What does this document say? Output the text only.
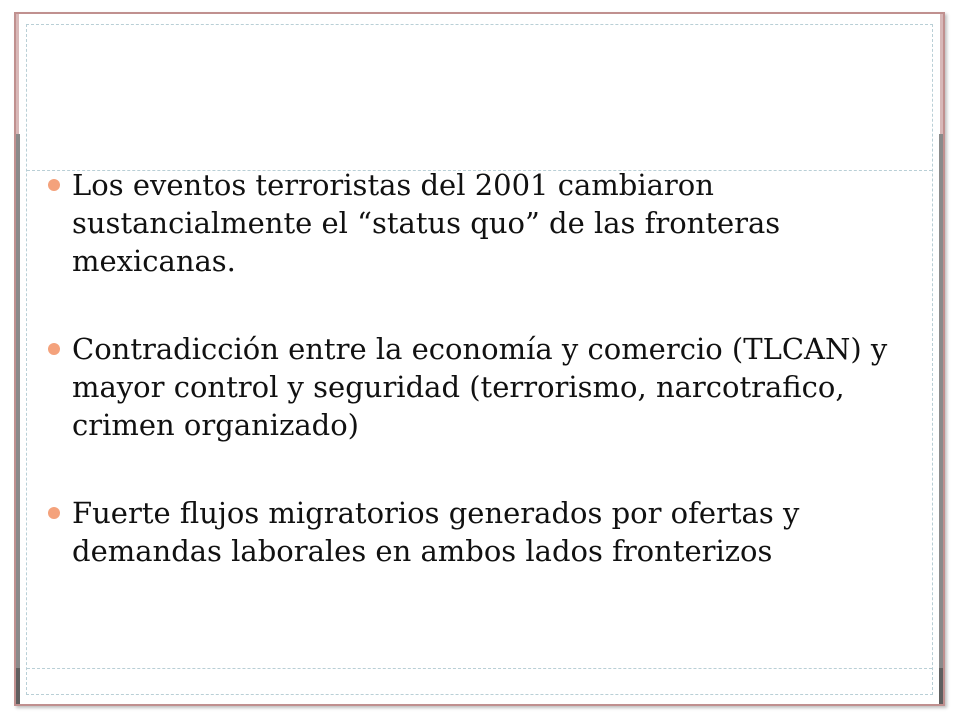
Los eventos terroristas del 2001 cambiaron sustancialmente el “status quo” de las fronteras mexicanas.
Contradicción entre la economía y comercio (TLCAN) y mayor control y seguridad (terrorismo, narcotrafico, crimen organizado)
Fuerte flujos migratorios generados por ofertas y demandas laborales en ambos lados fronterizos
